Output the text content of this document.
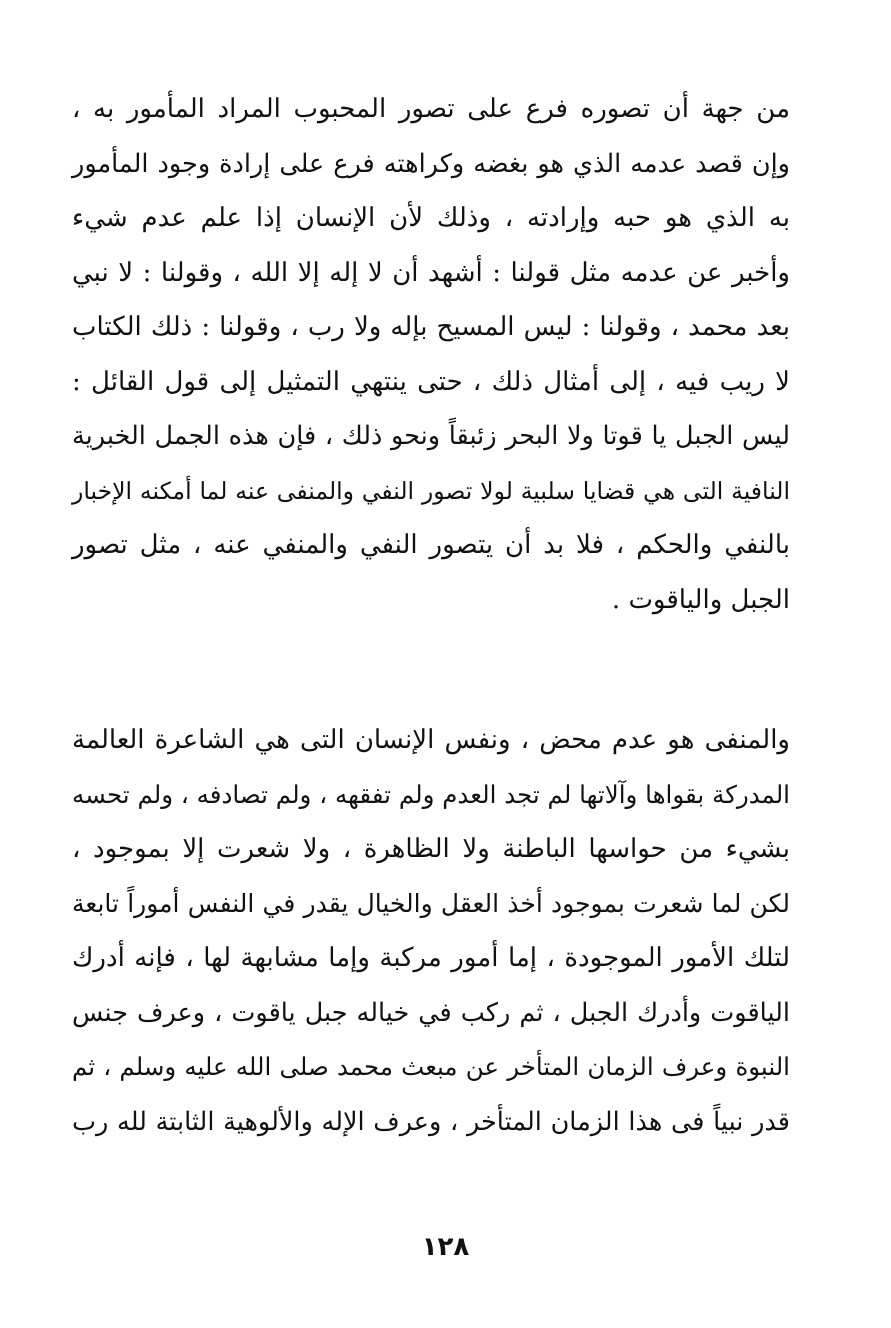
من جهة أن تصوره فرع على تصور المحبوب المراد المأمور به ،
وإن قصد عدمه الذي هو بغضه وكراهته فرع على إرادة وجود المأمور
به الذي هو حبه وإرادته ، وذلك لأن الإنسان إذا علم عدم شيء
وأخبر عن عدمه مثل قولنا : أشهد أن لا إله إلا الله ، وقولنا : لا نبي
بعد محمد ، وقولنا : ليس المسيح بإله ولا رب ، وقولنا : ذلك الكتاب
لا ريب فيه ، إلى أمثال ذلك ، حتى ينتهي التمثيل إلى قول القائل :
ليس الجبل يا قوتا ولا البحر زئبقاً ونحو ذلك ، فإن هذه الجمل الخبرية
النافية التى هي قضايا سلبية لولا تصور النفي والمنفى عنه لما أمكنه الإخبار
بالنفي والحكم ، فلا بد أن يتصور النفي والمنفي عنه ، مثل تصور
الجبل والياقوت .
والمنفى هو عدم محض ، ونفس الإنسان التى هي الشاعرة العالمة
المدركة بقواها وآلاتها لم تجد العدم ولم تفقهه ، ولم تصادفه ، ولم تحسه
بشيء من حواسها الباطنة ولا الظاهرة ، ولا شعرت إلا بموجود ،
لكن لما شعرت بموجود أخذ العقل والخيال يقدر في النفس أموراً تابعة
لتلك الأمور الموجودة ، إما أمور مركبة وإما مشابهة لها ، فإنه أدرك
الياقوت وأدرك الجبل ، ثم ركب في خياله جبل ياقوت ، وعرف جنس
النبوة وعرف الزمان المتأخر عن مبعث محمد صلى الله عليه وسلم ، ثم
قدر نبياً فى هذا الزمان المتأخر ، وعرف الإله والألوهية الثابتة لله رب
١٢٨
